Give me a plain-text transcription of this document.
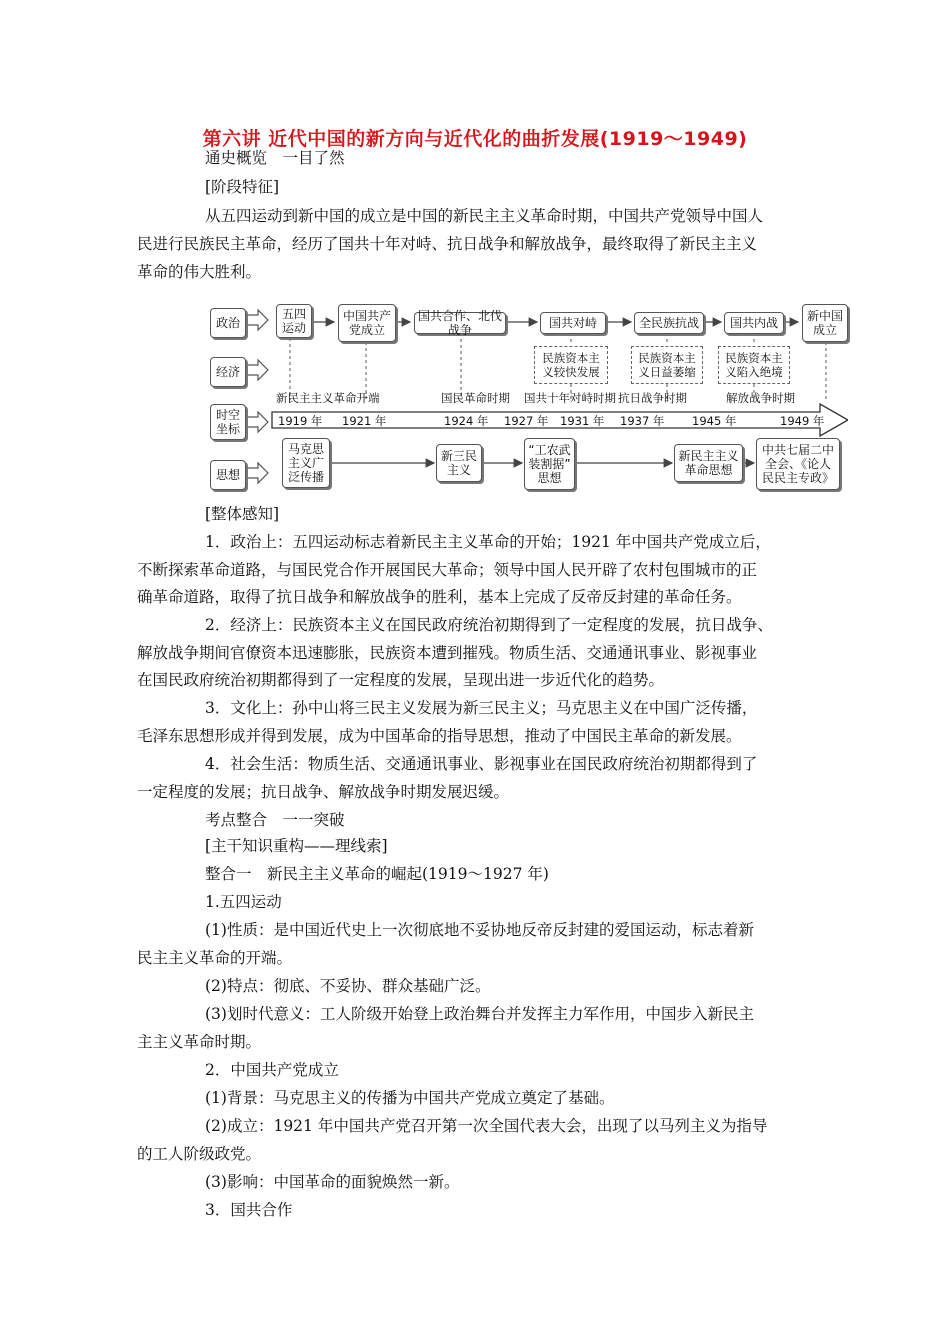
第六讲 近代中国的新方向与近代化的曲折发展(1919～1949)
通史概览　一目了然
[阶段特征]
从五四运动到新中国的成立是中国的新民主主义革命时期，中国共产党领导中国人
民进行民族民主革命，经历了国共十年对峙、抗日战争和解放战争，最终取得了新民主主义
革命的伟大胜利。
[整体感知]
1．政治上：五四运动标志着新民主主义革命的开始；1921 年中国共产党成立后，
不断探索革命道路，与国民党合作开展国民大革命；领导中国人民开辟了农村包围城市的正
确革命道路，取得了抗日战争和解放战争的胜利，基本上完成了反帝反封建的革命任务。
2．经济上：民族资本主义在国民政府统治初期得到了一定程度的发展，抗日战争、
解放战争期间官僚资本迅速膨胀，民族资本遭到摧残。物质生活、交通通讯事业、影视事业
在国民政府统治初期都得到了一定程度的发展，呈现出进一步近代化的趋势。
3．文化上：孙中山将三民主义发展为新三民主义；马克思主义在中国广泛传播，
毛泽东思想形成并得到发展，成为中国革命的指导思想，推动了中国民主革命的新发展。
4．社会生活：物质生活、交通通讯事业、影视事业在国民政府统治初期都得到了
一定程度的发展；抗日战争、解放战争时期发展迟缓。
考点整合　一一突破
[主干知识重构——理线索]
整合一　新民主主义革命的崛起(1919～1927 年)
1.五四运动
(1)性质：是中国近代史上一次彻底地不妥协地反帝反封建的爱国运动，标志着新
民主主义革命的开端。
(2)特点：彻底、不妥协、群众基础广泛。
(3)划时代意义：工人阶级开始登上政治舞台并发挥主力军作用，中国步入新民主
主主义革命时期。
2．中国共产党成立
(1)背景：马克思主义的传播为中国共产党成立奠定了基础。
(2)成立：1921 年中国共产党召开第一次全国代表大会，出现了以马列主义为指导
的工人阶级政党。
(3)影响：中国革命的面貌焕然一新。
3．国共合作
政治
经济
时空
坐标
思想
五四
运动
中国共产
党成立
国共合作、北伐战争	国共对峙	全民族抗战	国共内战 新中国
成立
民族资本主
义较快发展
民族资本主
义日益萎缩
民族资本主
义陷入绝境
新民主主义革命开端	国民革命时期 国共十年对峙时期 抗日战争时期	解放战争时期
1919 年 1921 年	1924 年 1927 年 1931 年 1937 年 1945 年	1949 年
马克思
主义广
泛传播
新三民
主义
“工农武
装割据”
思想
新民主主义
革命思想
中共七届二中
全会、《论人
民民主专政》
